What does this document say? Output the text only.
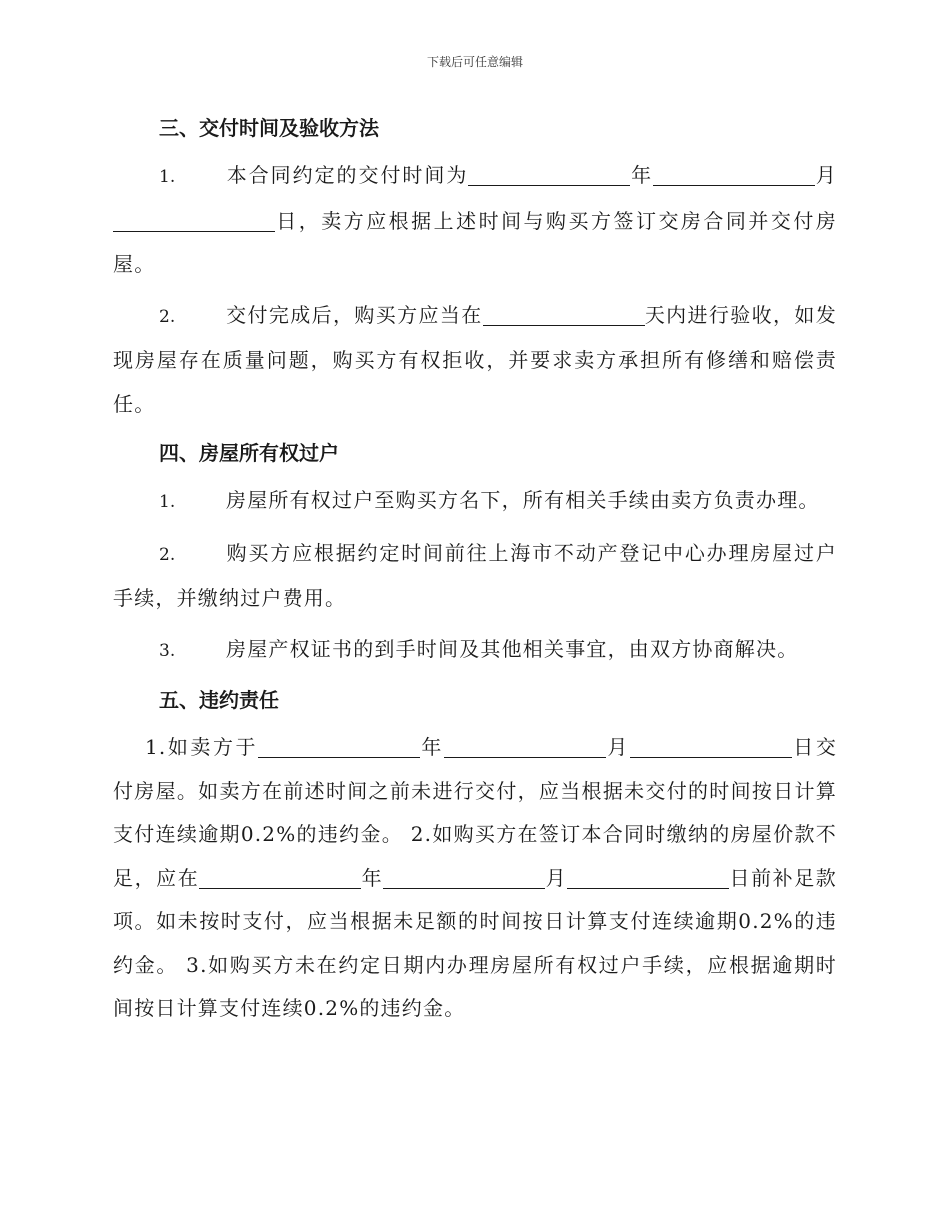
下载后可任意编辑

三、交付时间及验收方法

1.	本合同约定的交付时间为	年	月日，卖方应根据上述时间与购买方签订交房合同并交付房屋。

2.	交付完成后，购买方应当在	天内进行验收，如发现房屋存在质量问题，购买方有权拒收，并要求卖方承担所有修缮和赔偿责任。

四、房屋所有权过户

1.	房屋所有权过户至购买方名下，所有相关手续由卖方负责办理。

2.	购买方应根据约定时间前往上海市不动产登记中心办理房屋过户手续，并缴纳过户费用。

3.	房屋产权证书的到手时间及其他相关事宜，由双方协商解决。

五、违约责任

1.如卖方于	年	月	日交付房屋。如卖方在前述时间之前未进行交付，应当根据未交付的时间按日计算支付连续逾期0.2%的违约金。 2.如购买方在签订本合同时缴纳的房屋价款不足，应在	年	月	日前补足款项。如未按时支付，应当根据未足额的时间按日计算支付连续逾期0.2%的违约金。 3.如购买方未在约定日期内办理房屋所有权过户手续，应根据逾期时间按日计算支付连续0.2%的违约金。
